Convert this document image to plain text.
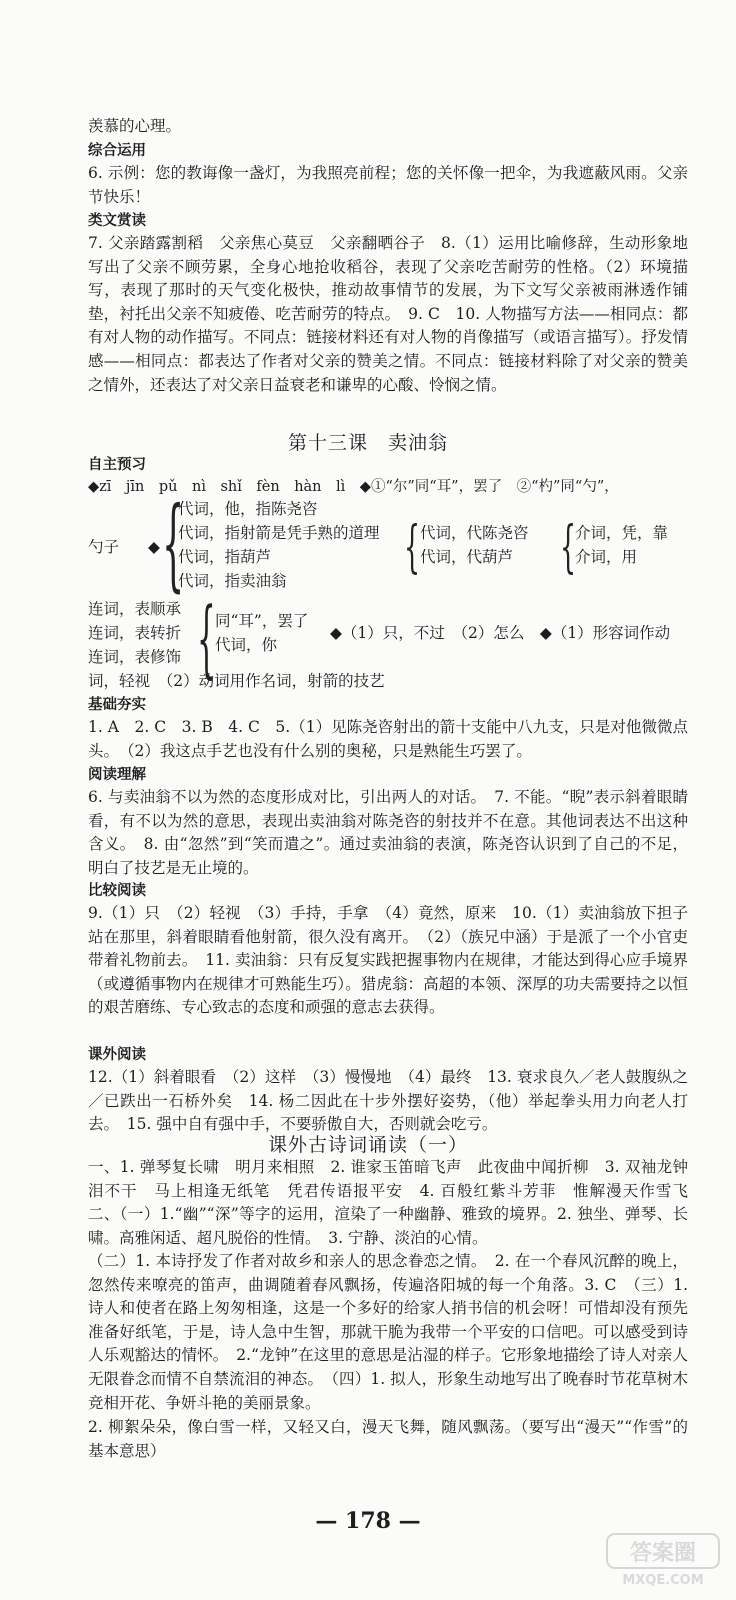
羡慕的心理。

综合运用

6. 示例：您的教诲像一盏灯，为我照亮前程；您的关怀像一把伞，为我遮蔽风雨。父亲节快乐！

类文赏读

7. 父亲踏露割稻　父亲焦心莫豆　父亲翻晒谷子　8.（1）运用比喻修辞，生动形象地写出了父亲不顾劳累，全身心地抢收稻谷，表现了父亲吃苦耐劳的性格。（2）环境描写，表现了那时的天气变化极快，推动故事情节的发展，为下文写父亲被雨淋透作铺垫，衬托出父亲不知疲倦、吃苦耐劳的特点。　9. C　10. 人物描写方法——相同点：都有对人物的动作描写。不同点：链接材料还有对人物的肖像描写（或语言描写）。抒发情感——相同点：都表达了作者对父亲的赞美之情。不同点：链接材料除了对父亲的赞美之情外，还表达了对父亲日益衰老和谦卑的心酸、怜悯之情。

第十三课　卖油翁

自主预习

◆zī　jīn　pǔ　nì　shǐ　fèn　hàn　lì　◆①“尔”同“耳”，罢了　②“杓”同“勺”，

勺子 ◆ {

代词，他，指陈尧咨

代词，指射箭是凭手熟的道理

代词，指葫芦

代词，指卖油翁

{ 代词，代陈尧咨

代词，代葫芦 {

介词，凭，靠

介词，用

连词，表顺承

连词，表转折

连词，表修饰 { 同“耳”，罢了

代词，你

◆（1）只，不过　（2）怎么　◆（1）形容词作动

词，轻视　（2）动词用作名词，射箭的技艺

基础夯实

1. A　2. C　3. B　4. C　5.（1）见陈尧咨射出的箭十支能中八九支，只是对他微微点头。　（2）我这点手艺也没有什么别的奥秘，只是熟能生巧罢了。

阅读理解

6. 与卖油翁不以为然的态度形成对比，引出两人的对话。　7. 不能。“睨”表示斜着眼睛看，有不以为然的意思，表现出卖油翁对陈尧咨的射技并不在意。其他词表达不出这种含义。　8. 由“忽然”到“笑而遣之”。通过卖油翁的表演，陈尧咨认识到了自己的不足，明白了技艺是无止境的。

比较阅读

9.（1）只　（2）轻视　（3）手持，手拿　（4）竟然，原来　10.（1）卖油翁放下担子站在那里，斜着眼睛看他射箭，很久没有离开。　（2）（族兄中涵）于是派了一个小官吏带着礼物前去。　11. 卖油翁：只有反复实践把握事物内在规律，才能达到得心应手境界（或遵循事物内在规律才可熟能生巧）。猎虎翁：高超的本领、深厚的功夫需要持之以恒的艰苦磨练、专心致志的态度和顽强的意志去获得。

课外阅读

12.（1）斜着眼看　（2）这样　（3）慢慢地　（4）最终　13. 衰求良久／老人鼓腹纵之／已跌出一石桥外矣　14. 杨二因此在十步外摆好姿势，（他）举起拳头用力向老人打去。　15. 强中自有强中手，不要骄傲自大，否则就会吃亏。

课外古诗词诵读（一）

一、1. 弹琴复长啸　明月来相照　2. 谁家玉笛暗飞声　此夜曲中闻折柳　3. 双袖龙钟泪不干　马上相逢无纸笔　凭君传语报平安　4. 百般红紫斗芳菲　惟解漫天作雪飞　二、（一）1.“幽”“深”等字的运用，渲染了一种幽静、雅致的境界。2. 独坐、弹琴、长啸。高雅闲适、超凡脱俗的性情。　3. 宁静、淡泊的心情。

（二）1. 本诗抒发了作者对故乡和亲人的思念眷恋之情。　2. 在一个春风沉醉的晚上，忽然传来嘹亮的笛声，曲调随着春风飘扬，传遍洛阳城的每一个角落。3. C　（三）1. 诗人和使者在路上匆匆相逢，这是一个多好的给家人捎书信的机会呀！可惜却没有预先准备好纸笔，于是，诗人急中生智，那就干脆为我带一个平安的口信吧。可以感受到诗人乐观豁达的情怀。　2.“龙钟”在这里的意思是沾湿的样子。它形象地描绘了诗人对亲人无限眷念而情不自禁流泪的神态。　（四）1. 拟人，形象生动地写出了晚春时节花草树木竞相开花、争妍斗艳的美丽景象。

2. 柳絮朵朵，像白雪一样，又轻又白，漫天飞舞，随风飘荡。（要写出“漫天”“作雪”的基本意思）

— 178 —

答案圈
MXQE.COM
